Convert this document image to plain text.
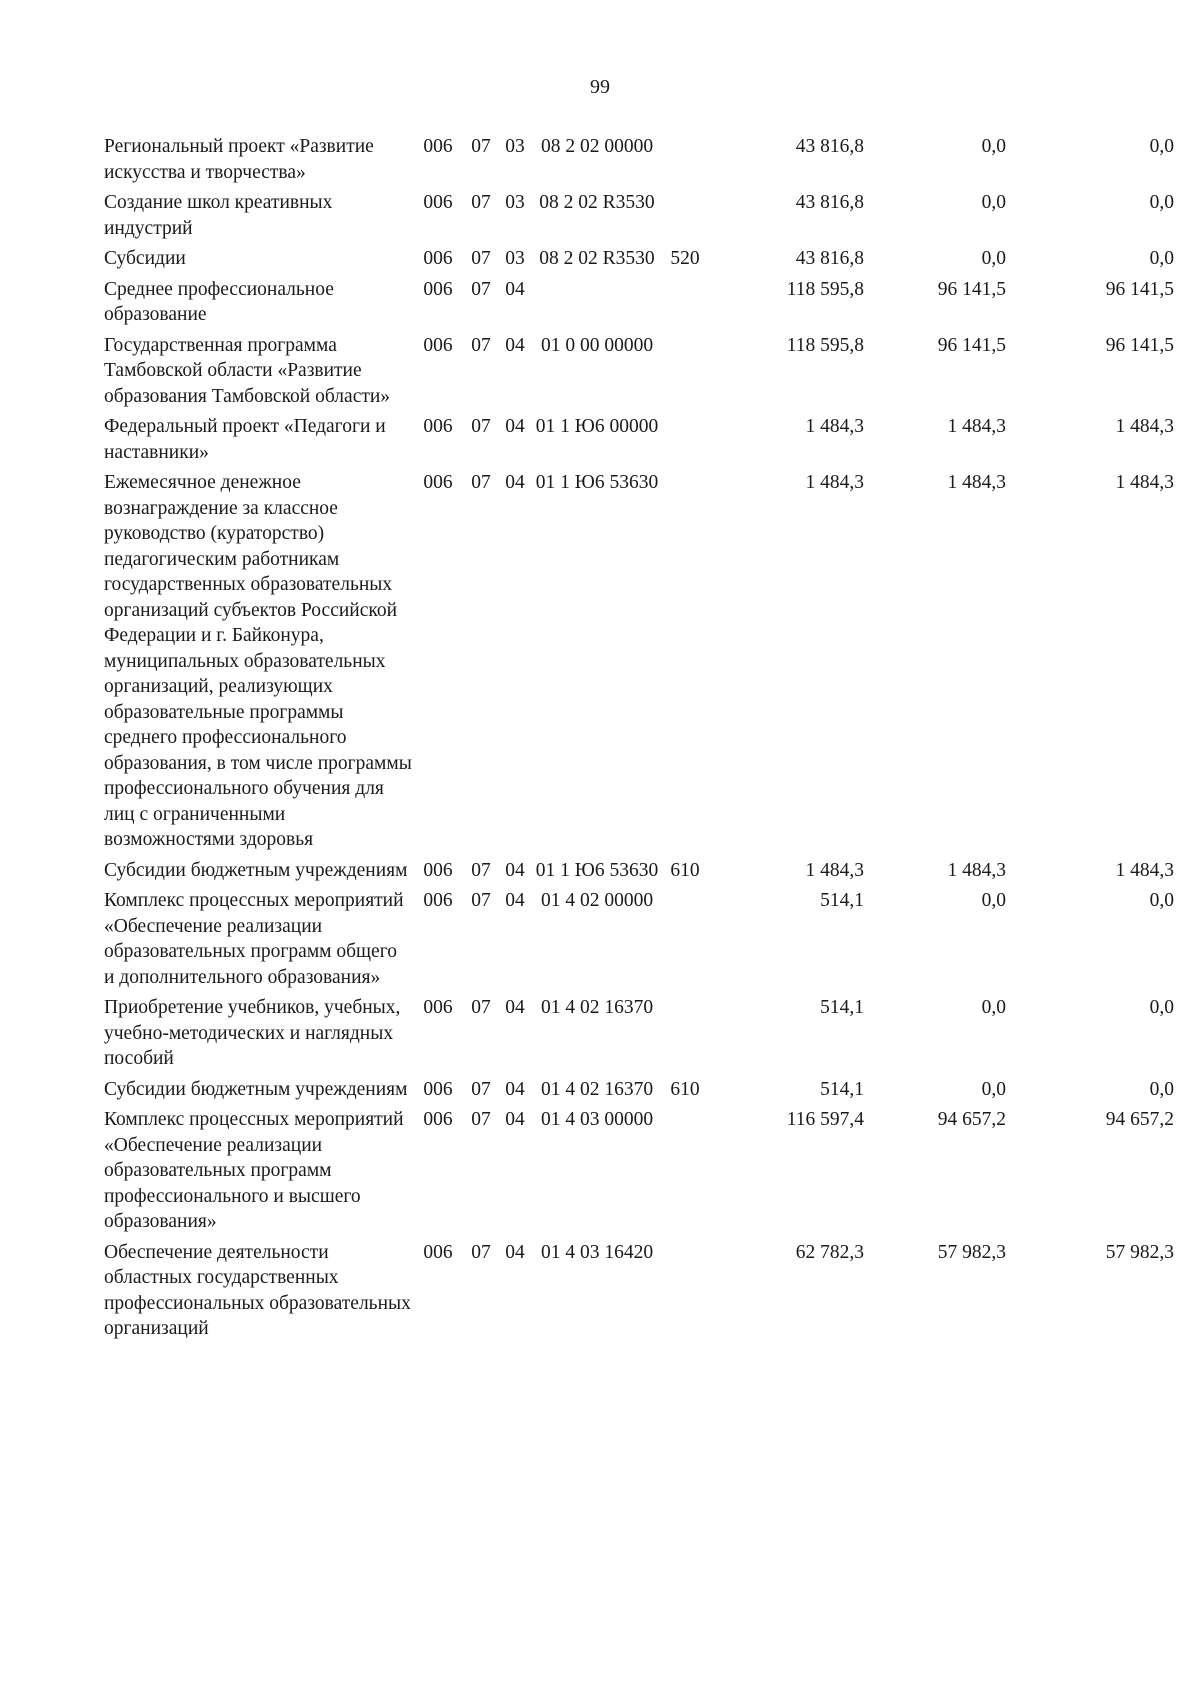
99
Региональный проект «Развитие искусства и творчества»	006	07	03	08 2 02 00000		43 816,8	0,0	0,0
Создание школ креативных индустрий	006	07	03	08 2 02 R3530		43 816,8	0,0	0,0
Субсидии	006	07	03	08 2 02 R3530	520	43 816,8	0,0	0,0
Среднее профессиональное образование	006	07	04			118 595,8	96 141,5	96 141,5
Государственная программа Тамбовской области «Развитие образования Тамбовской области»	006	07	04	01 0 00 00000		118 595,8	96 141,5	96 141,5
Федеральный проект «Педагоги и наставники»	006	07	04	01 1 Ю6 00000		1 484,3	1 484,3	1 484,3
Ежемесячное денежное вознаграждение за классное руководство (кураторство) педагогическим работникам государственных образовательных организаций субъектов Российской Федерации и г. Байконура, муниципальных образовательных организаций, реализующих образовательные программы среднего профессионального образования, в том числе программы профессионального обучения для лиц с ограниченными возможностями здоровья	006	07	04	01 1 Ю6 53630		1 484,3	1 484,3	1 484,3
Субсидии бюджетным учреждениям	006	07	04	01 1 Ю6 53630	610	1 484,3	1 484,3	1 484,3
Комплекс процессных мероприятий «Обеспечение реализации образовательных программ общего и дополнительного образования»	006	07	04	01 4 02 00000		514,1	0,0	0,0
Приобретение учебников, учебных, учебно-методических и наглядных пособий	006	07	04	01 4 02 16370		514,1	0,0	0,0
Субсидии бюджетным учреждениям	006	07	04	01 4 02 16370	610	514,1	0,0	0,0
Комплекс процессных мероприятий «Обеспечение реализации образовательных программ профессионального и высшего образования»	006	07	04	01 4 03 00000		116 597,4	94 657,2	94 657,2
Обеспечение деятельности областных государственных профессиональных образовательных организаций	006	07	04	01 4 03 16420		62 782,3	57 982,3	57 982,3
